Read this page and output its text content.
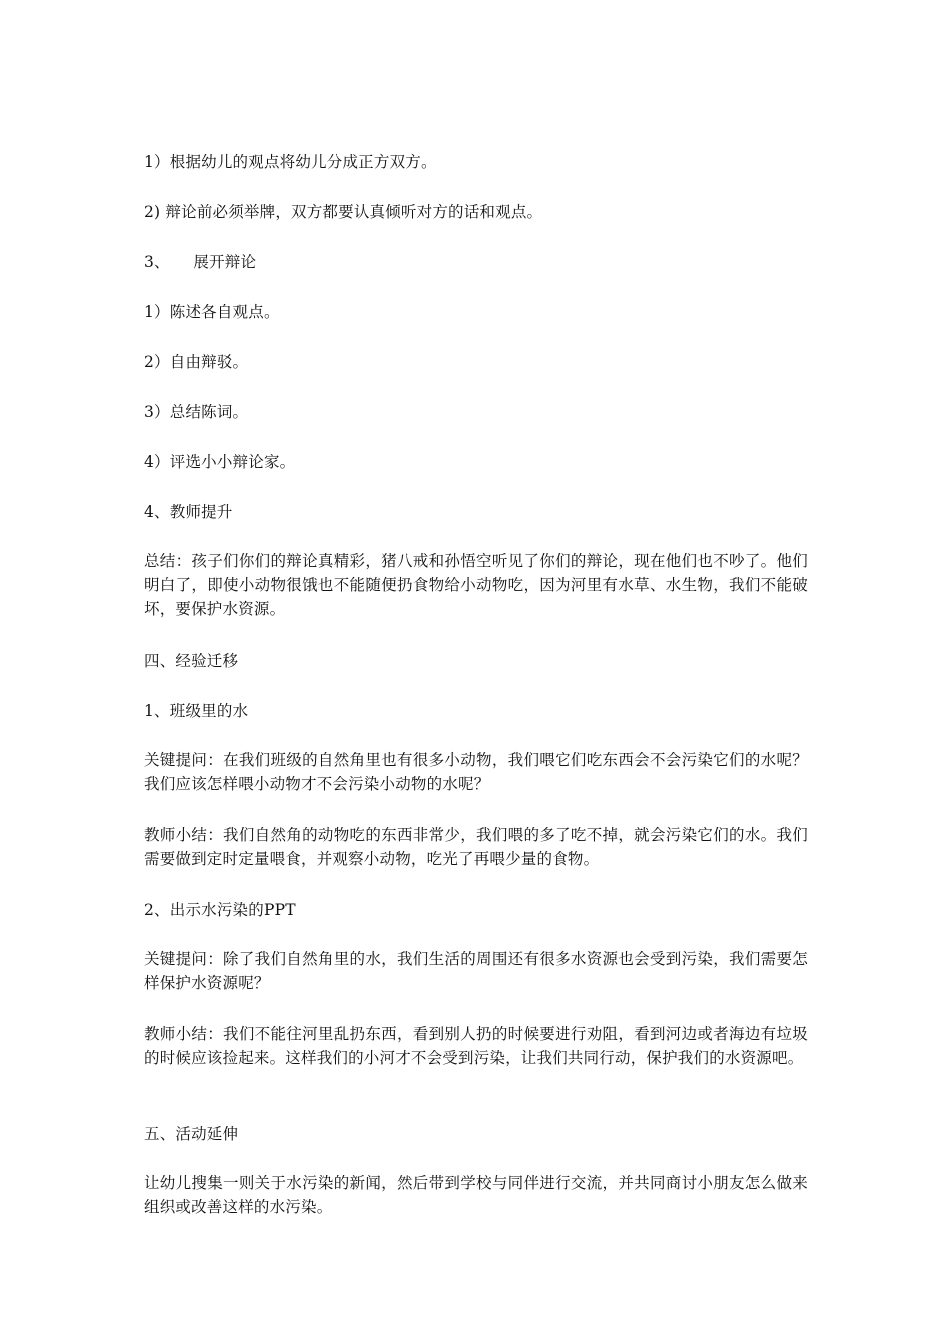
1）根据幼儿的观点将幼儿分成正方双方。
2) 辩论前必须举牌，双方都要认真倾听对方的话和观点。
3、　　展开辩论
1）陈述各自观点。
2）自由辩驳。
3）总结陈词。
4）评选小小辩论家。
4、教师提升
总结：孩子们你们的辩论真精彩，猪八戒和孙悟空听见了你们的辩论，现在他们也不吵了。他们明白了，即使小动物很饿也不能随便扔食物给小动物吃，因为河里有水草、水生物，我们不能破坏，要保护水资源。
四、经验迁移
1、班级里的水
关键提问：在我们班级的自然角里也有很多小动物，我们喂它们吃东西会不会污染它们的水呢？我们应该怎样喂小动物才不会污染小动物的水呢？
教师小结：我们自然角的动物吃的东西非常少，我们喂的多了吃不掉，就会污染它们的水。我们需要做到定时定量喂食，并观察小动物，吃光了再喂少量的食物。
2、出示水污染的PPT
关键提问：除了我们自然角里的水，我们生活的周围还有很多水资源也会受到污染，我们需要怎样保护水资源呢？
教师小结：我们不能往河里乱扔东西，看到别人扔的时候要进行劝阻，看到河边或者海边有垃圾的时候应该捡起来。这样我们的小河才不会受到污染，让我们共同行动，保护我们的水资源吧。
五、活动延伸
让幼儿搜集一则关于水污染的新闻，然后带到学校与同伴进行交流，并共同商讨小朋友怎么做来组织或改善这样的水污染。
